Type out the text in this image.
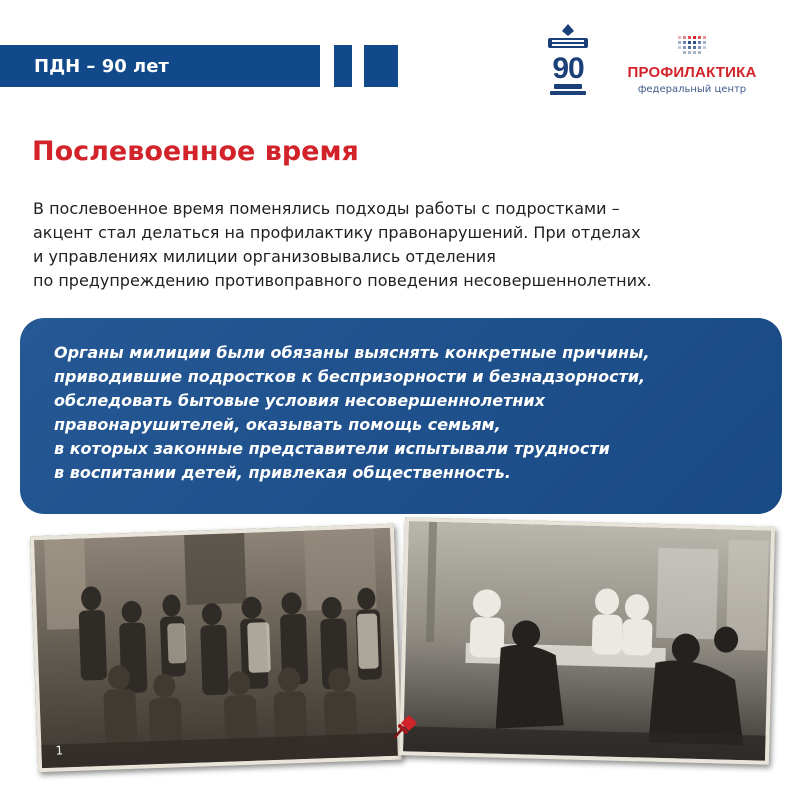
ПДН – 90 лет	90	ПРОФИЛАКТИКА
федеральный центр
Послевоенное время
В послевоенное время поменялись подходы работы с подростками –
акцент стал делаться на профилактику правонарушений. При отделах
и управлениях милиции организовывались отделения
по предупреждению противоправного поведения несовершеннолетних.
Органы милиции были обязаны выяснять конкретные причины,
приводившие подростков к беспризорности и безнадзорности,
обследовать бытовые условия несовершеннолетних
правонарушителей, оказывать помощь семьям,
в которых законные представители испытывали трудности
в воспитании детей, привлекая общественность.
1
